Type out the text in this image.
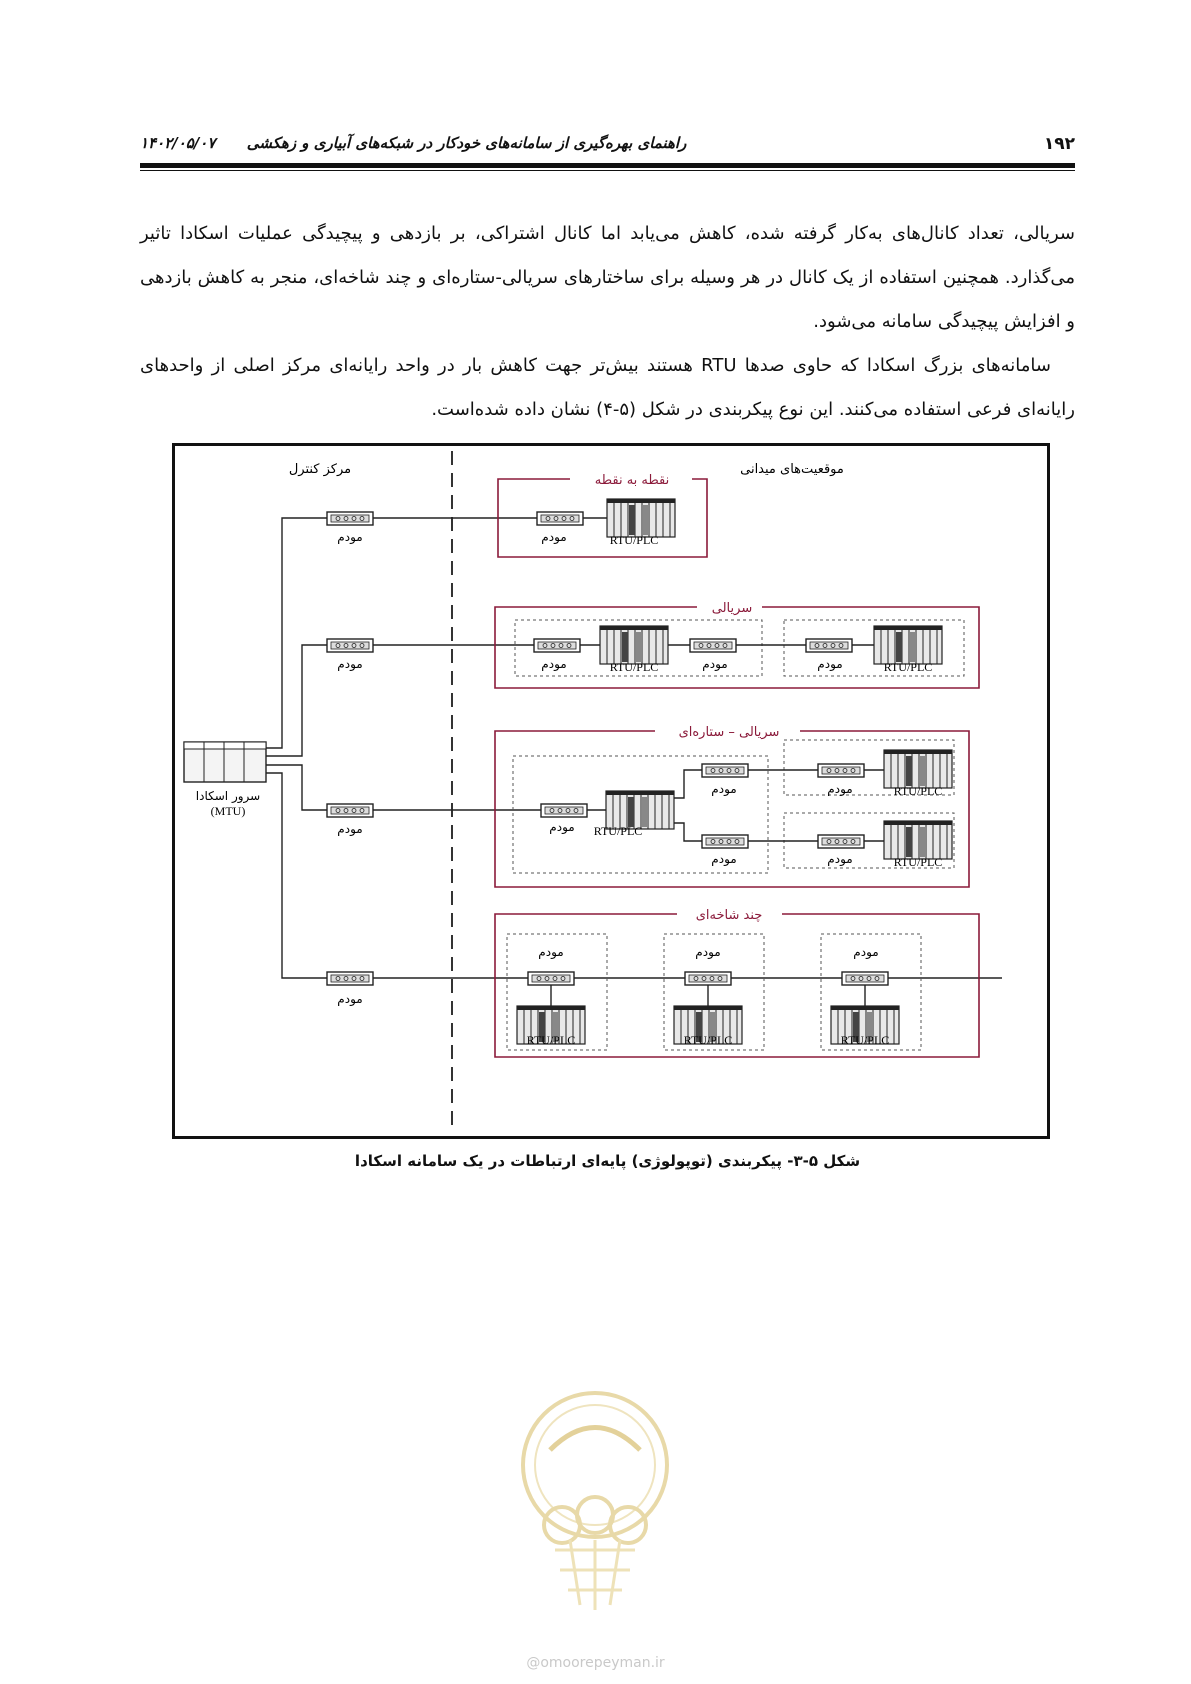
۱۹۲
راهنمای بهره‌گیری از سامانه‌های خودکار در شبکه‌های آبیاری و زهکشی      ۱۴۰۲/۰۵/۰۷

سریالی، تعداد کانال‌های به‌کار گرفته شده، کاهش می‌یابد اما کانال اشتراکی، بر بازدهی و پیچیدگی عملیات اسکادا تاثیر می‌گذارد. همچنین استفاده از یک کانال در هر وسیله برای ساختارهای سریالی-ستاره‌ای و چند شاخه‌ای، منجر به کاهش بازدهی و افزایش پیچیدگی سامانه می‌شود.

سامانه‌های بزرگ اسکادا که حاوی صدها RTU هستند بیش‌تر جهت کاهش بار در واحد رایانه‌ای مرکز اصلی از واحدهای رایانه‌ای فرعی استفاده می‌کنند. این نوع پیکربندی در شکل (۵-۴) نشان داده شده‌است.

مرکز کنترل	موقعیت‌های میدانی
سرور اسکادا
(MTU)
مودم
مودم
مودم
مودم
نقطه به نقطه
مودم	RTU/PLC
سریالی
مودم	RTU/PLC	مودم	مودم	RTU/PLC
سریالی – ستاره‌ای
مودم RTU/PLC
مودم
مودم
مودم
مودم
RTU/PLC
RTU/PLC
چند شاخه‌ای
مودم
RTU/PLC
مودم
RTU/PLC
مودم
RTU/PLC
شکل ۵-۳- پیکربندی (توپولوژی) پایه‌ای ارتباطات در یک سامانه اسکادا
@omoorepeyman.ir
